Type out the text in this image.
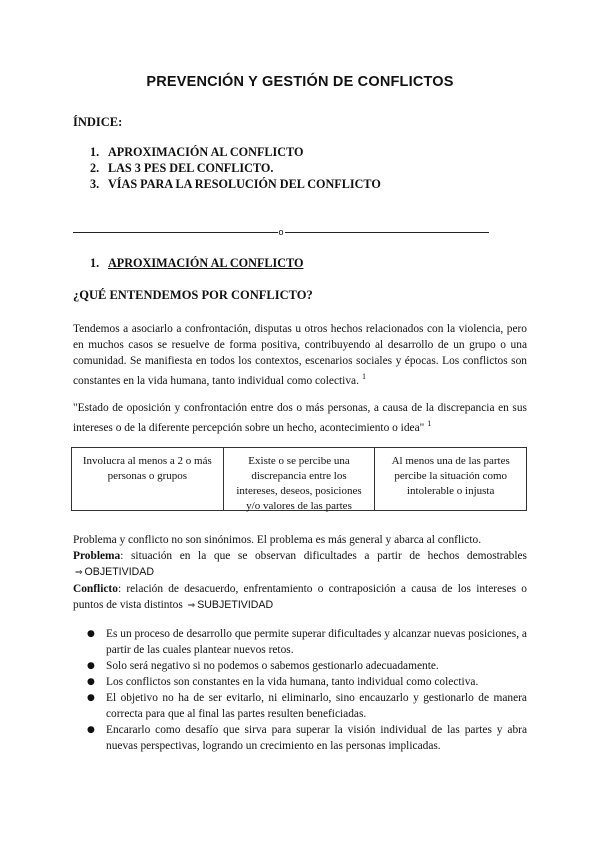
PREVENCIÓN Y GESTIÓN DE CONFLICTOS
ÍNDICE:
1. APROXIMACIÓN AL CONFLICTO
2. LAS 3 PES DEL CONFLICTO.
3. VÍAS PARA LA RESOLUCIÓN DEL CONFLICTO
o
1. APROXIMACIÓN AL CONFLICTO
¿QUÉ ENTENDEMOS POR CONFLICTO?

Tendemos a asociarlo a confrontación, disputas u otros hechos relacionados con la violencia, pero en muchos casos se resuelve de forma positiva, contribuyendo al desarrollo de un grupo o una comunidad. Se manifiesta en todos los contextos, escenarios sociales y épocas. Los conflictos son constantes en la vida humana, tanto individual como colectiva. $^1$

"Estado de oposición y confrontación entre dos o más personas, a causa de la discrepancia en sus intereses o de la diferente percepción sobre un hecho, acontecimiento o idea" $^1$

Involucra al menos a 2 o más personas o grupos
Existe o se percibe una discrepancia entre los intereses, deseos, posiciones y/o valores de las partes
Al menos una de las partes percibe la situación como intolerable o injusta

Problema y conflicto no son sinónimos. El problema es más general y abarca al conflicto.

Problema: situación en la que se observan dificultades a partir de hechos demostrables ⇒ OBJETIVIDAD

Conflicto: relación de desacuerdo, enfrentamiento o contraposición a causa de los intereses o puntos de vista distintos ⇒ SUBJETIVIDAD

● Es un proceso de desarrollo que permite superar dificultades y alcanzar nuevas posiciones, a partir de las cuales plantear nuevos retos.
● Solo será negativo si no podemos o sabemos gestionarlo adecuadamente.
● Los conflictos son constantes en la vida humana, tanto individual como colectiva.
● El objetivo no ha de ser evitarlo, ni eliminarlo, sino encauzarlo y gestionarlo de manera correcta para que al final las partes resulten beneficiadas.
● Encararlo como desafío que sirva para superar la visión individual de las partes y abra nuevas perspectivas, logrando un crecimiento en las personas implicadas.
